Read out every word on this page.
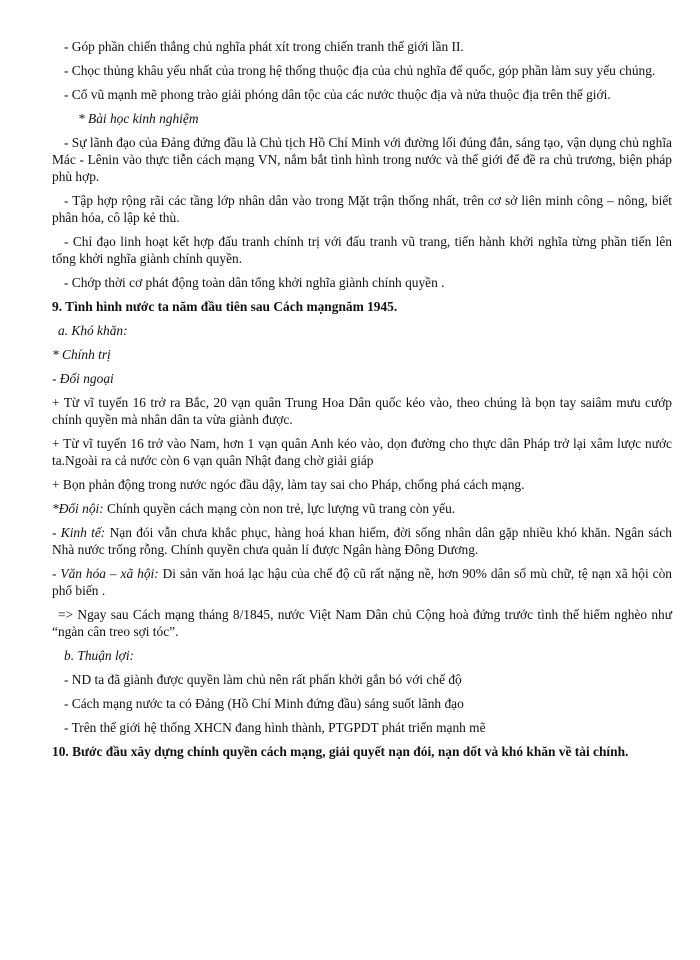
- Góp phần chiến thắng chủ nghĩa phát xít trong chiến tranh thế giới lần II.

- Chọc thủng khâu yếu nhất của trong hệ thống thuộc địa của chủ nghĩa đế quốc, góp phần làm suy yếu chúng.

- Cổ vũ mạnh mẽ phong trào giải phóng dân tộc của các nước thuộc địa và nửa thuộc địa trên thế giới.

* Bài học kinh nghiệm

- Sự lãnh đạo của Đảng đứng đầu là Chủ tịch Hồ Chí Minh với đường lối đúng đắn, sáng tạo, vận dụng chủ nghĩa Mác - Lênin vào thực tiễn cách mạng VN, nắm bắt tình hình trong nước và thế giới để đề ra chủ trương, biện pháp phù hợp.

- Tập hợp rộng rãi các tầng lớp nhân dân vào trong Mặt trận thống nhất, trên cơ sở liên minh công – nông, biết phân hóa, cô lập kẻ thù.

- Chỉ đạo linh hoạt kết hợp đấu tranh chính trị với đấu tranh vũ trang, tiến hành khởi nghĩa từng phần tiến lên tổng khởi nghĩa giành chính quyền.

- Chớp thời cơ phát động toàn dân tổng khởi nghĩa giành chính quyền .

9. Tình hình nước ta năm đầu tiên sau Cách mạngnăm 1945.

a. Khó khăn:

* Chính trị

- Đối ngoại

+ Từ vĩ tuyến 16 trở ra Bắc, 20 vạn quân Trung Hoa Dân quốc kéo vào, theo chúng là bọn tay saiâm mưu cướp chính quyền mà nhân dân ta vừa giành được.

+ Từ vĩ tuyến 16 trở vào Nam, hơn 1 vạn quân Anh kéo vào, dọn đường cho thực dân Pháp trở lại xâm lược nước ta.Ngoài ra cả nước còn 6 vạn quân Nhật đang chờ giải giáp

+ Bọn phản động trong nước ngóc đầu dậy, làm tay sai cho Pháp, chống phá cách mạng.

*Đối nội: Chính quyền cách mạng còn non trẻ, lực lượng vũ trang còn yếu.

- Kinh tế: Nạn đói vẫn chưa khắc phục, hàng hoá khan hiếm, đời sống nhân dân gặp nhiều khó khăn. Ngân sách Nhà nước trống rỗng. Chính quyền chưa quản lí được Ngân hàng Đông Dương.

- Văn hóa – xã hội: Di sản văn hoá lạc hậu của chế độ cũ rất nặng nề, hơn 90% dân số mù chữ, tệ nạn xã hội còn phổ biến .

=> Ngay sau Cách mạng tháng 8/1845, nước Việt Nam Dân chủ Cộng hoà đứng trước tình thế hiểm nghèo như “ngàn cân treo sợi tóc”.

b. Thuận lợi:

- ND ta đã giành được quyền làm chủ nên rất phấn khởi gắn bó với chế độ

- Cách mạng nước ta có Đảng (Hồ Chí Minh đứng đầu) sáng suốt lãnh đạo

- Trên thế giới hệ thống XHCN đang hình thành, PTGPDT phát triển mạnh mẽ

10. Bước đầu xây dựng chính quyền cách mạng, giải quyết nạn đói, nạn dốt và khó khăn về tài chính.
